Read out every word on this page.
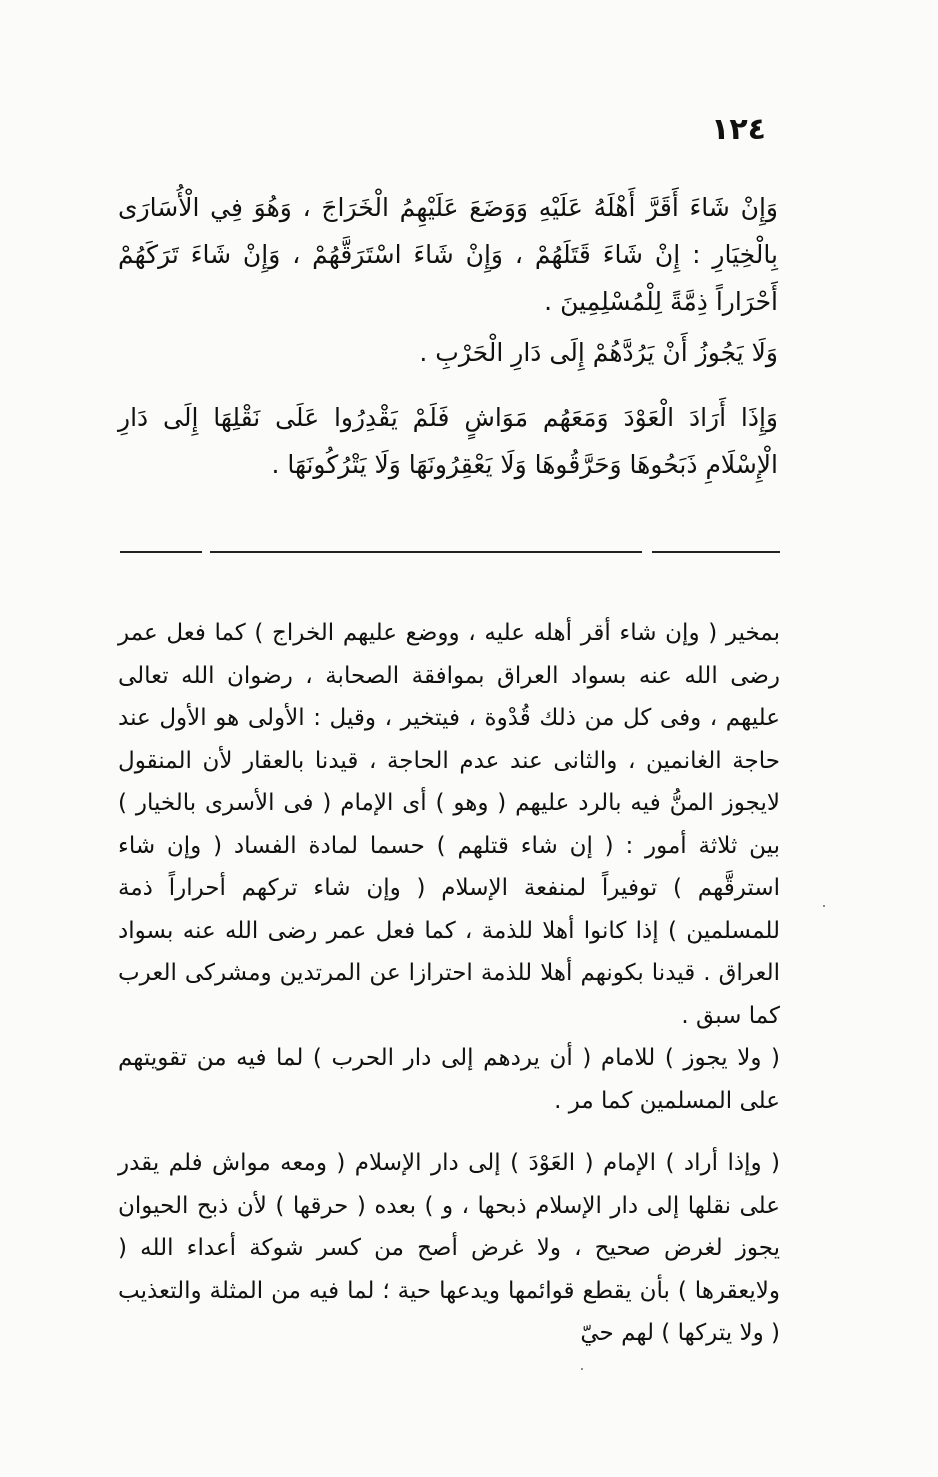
١٢٤

وَإِنْ شَاءَ أَقَرَّ أَهْلَهُ عَلَيْهِ وَوَضَعَ عَلَيْهِمُ الْخَرَاجَ ، وَهُوَ فِي الْأُسَارَى بِالْخِيَارِ : إِنْ شَاءَ قَتَلَهُمْ ، وَإِنْ شَاءَ اسْتَرَقَّهُمْ ، وَإِنْ شَاءَ تَرَكَهُمْ أَحْرَاراً ذِمَّةً لِلْمُسْلِمِينَ .

وَلَا يَجُوزُ أَنْ يَرُدَّهُمْ إِلَى دَارِ الْحَرْبِ .

وَإِذَا أَرَادَ الْعَوْدَ وَمَعَهُم مَوَاشٍ فَلَمْ يَقْدِرُوا عَلَى نَقْلِهَا إِلَى دَارِ الْإِسْلَامِ ذَبَحُوهَا وَحَرَّقُوهَا وَلَا يَعْقِرُونَهَا وَلَا يَتْرُكُونَهَا .

بمخير ( وإن شاء أقر أهله عليه ، ووضع عليهم الخراج ) كما فعل عمر رضى الله عنه بسواد العراق بموافقة الصحابة ، رضوان الله تعالى عليهم ، وفى كل من ذلك قُدْوة ، فيتخير ، وقيل : الأولى هو الأول عند حاجة الغانمين ، والثانى عند عدم الحاجة ، قيدنا بالعقار لأن المنقول لايجوز المنُّ فيه بالرد عليهم ( وهو ) أى الإمام ( فى الأسرى بالخيار ) بين ثلاثة أمور : ( إن شاء قتلهم ) حسما لمادة الفساد ( وإن شاء استرقَّهم ) توفيراً لمنفعة الإسلام ( وإن شاء تركهم أحراراً ذمة للمسلمين ) إذا كانوا أهلا للذمة ، كما فعل عمر رضى الله عنه بسواد العراق . قيدنا بكونهم أهلا للذمة احترازا عن المرتدين ومشركى العرب كما سبق .

( ولا يجوز ) للامام ( أن يردهم إلى دار الحرب ) لما فيه من تقويتهم على المسلمين كما مر .

( وإذا أراد ) الإمام ( العَوْدَ ) إلى دار الإسلام ( ومعه مواش فلم يقدر على نقلها إلى دار الإسلام ذبحها ، و ) بعده ( حرقها ) لأن ذبح الحيوان يجوز لغرض صحيح ، ولا غرض أصح من كسر شوكة أعداء الله ( ولايعقرها ) بأن يقطع قوائمها ويدعها حية ؛ لما فيه من المثلة والتعذيب ( ولا يتركها ) لهم حيّ
